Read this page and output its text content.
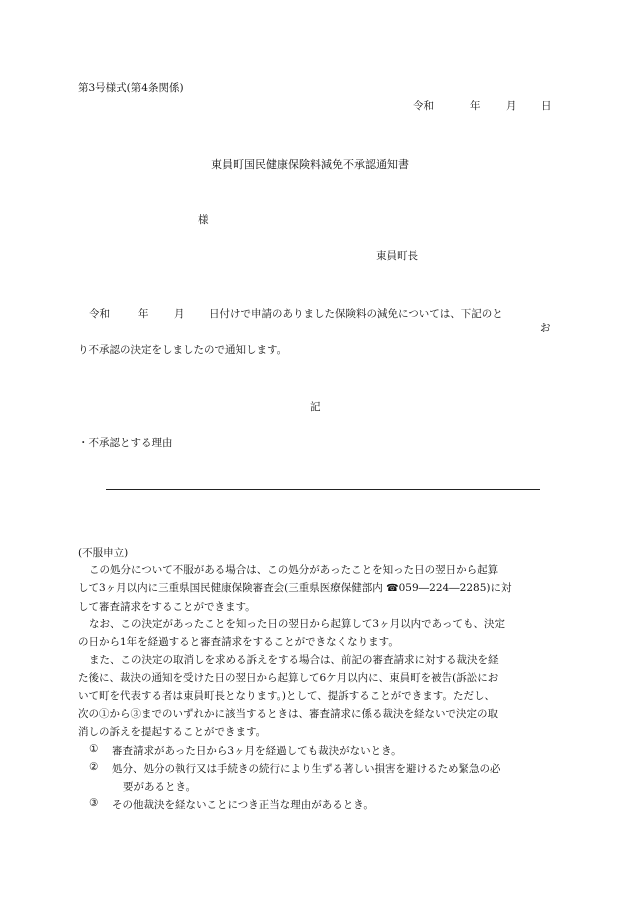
第3号様式(第4条関係)
令和	年 月 日
東員町国民健康保険料減免不承認通知書
様
東員町長
令和	年 月 日付けで申請のありました保険料の減免については、下記のと
お
り不承認の決定をしましたので通知します。
記
・不承認とする理由
(不服申立)
この処分について不服がある場合は、この処分があったことを知った日の翌日から起算
して3ヶ月以内に三重県国民健康保険審査会(三重県医療保健部内 ☎059―224―2285)に対
して審査請求をすることができます。
なお、この決定があったことを知った日の翌日から起算して3ヶ月以内であっても、決定
の日から1年を経過すると審査請求をすることができなくなります。
また、この決定の取消しを求める訴えをする場合は、前記の審査請求に対する裁決を経
た後に、裁決の通知を受けた日の翌日から起算して6ケ月以内に、東員町を被告(訴訟にお
いて町を代表する者は東員町長となります。)として、提訴することができます。ただし、
次の①から③までのいずれかに該当するときは、審査請求に係る裁決を経ないで決定の取
消しの訴えを提起することができます。
① 審査請求があった日から3ヶ月を経過しても裁決がないとき。
② 処分、処分の執行又は手続きの続行により生ずる著しい損害を避けるため緊急の必
要があるとき。
③ その他裁決を経ないことにつき正当な理由があるとき。
